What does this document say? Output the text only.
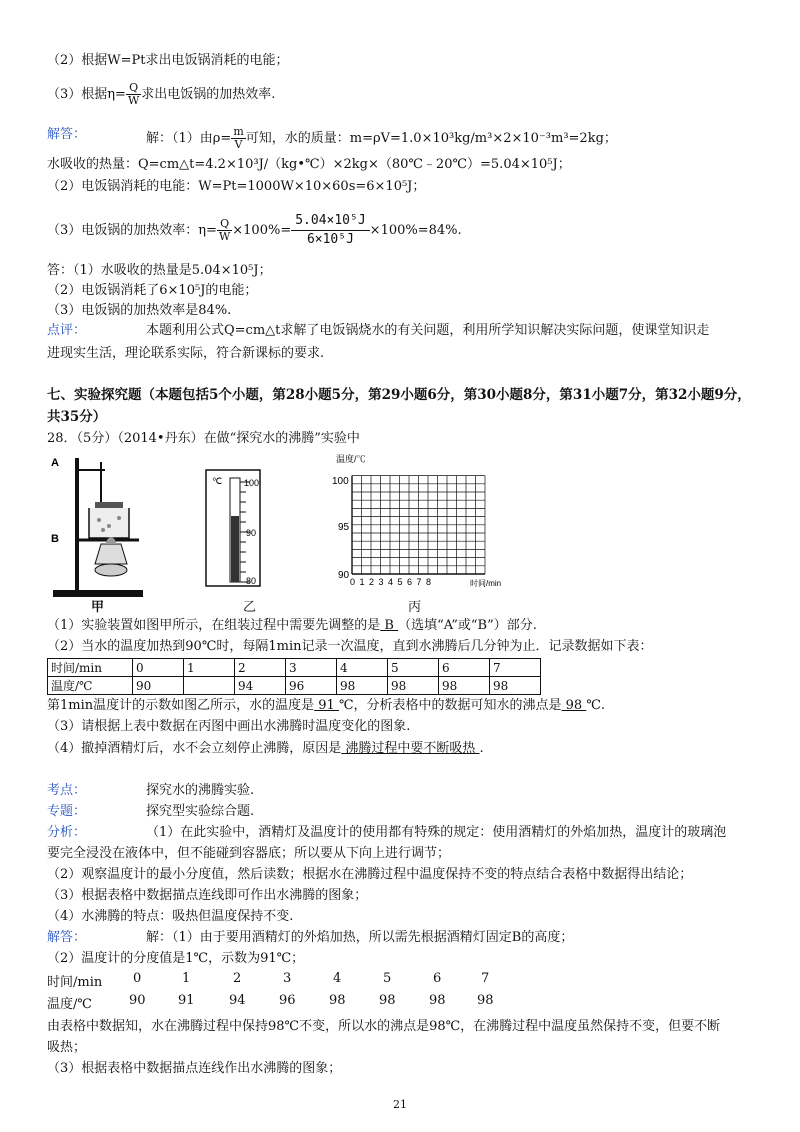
（2）根据W=Pt求出电饭锅消耗的电能；
（3）根据$\eta= \frac{Q}{W}$ 求出电饭锅的加热效率.
解答：	解：（1）由$\rho= \frac{m}{V}$ 可知，水的质量：m=ρV=1.0×10³kg/m³×2×10⁻³m³=2kg；
水吸收的热量：Q=cm△t=4.2×10³J/（kg•℃）×2kg×（80℃﹣20℃）=5.04×10⁵J；
（2）电饭锅消耗的电能：W=Pt=1000W×10×60s=6×10⁵J；
（3）电饭锅的加热效率：$\eta= \frac{Q}{W} \times 100\%= \frac{\text{5.04×10⁵J}}{\text{6×10⁵J}} \times 100\%=84\%$.
答：（1）水吸收的热量是5.04×10⁵J；
（2）电饭锅消耗了6×10⁵J的电能；
（3）电饭锅的加热效率是84%.
点评：	本题利用公式Q=cm△t求解了电饭锅烧水的有关问题，利用所学知识解决实际问题，使课堂知识走
进现实生活，理论联系实际，符合新课标的要求.
七、实验探究题（本题包括5个小题，第28小题5分，第29小题6分，第30小题8分，第31小题7分，第32小题9分，
共35分）
28．（5分）（2014•丹东）在做“探究水的沸腾”实验中
A
B
甲
℃ 100
90
80
乙
温度/℃
100
95
90
0 1 2 3 4 5 6 7 8	时间/min
丙
（1）实验装置如图甲所示，在组装过程中需要先调整的是 B （选填“A”或“B”）部分.
（2）当水的温度加热到90℃时，每隔1min记录一次温度，直到水沸腾后几分钟为止．记录数据如下表：
时间/min	0	1	2	3	4	5	6	7
温度/℃	90		94	96	98	98	98	98
第1min温度计的示数如图乙所示，水的温度是 91 ℃，分析表格中的数据可知水的沸点是 98 ℃.
（3）请根据上表中数据在丙图中画出水沸腾时温度变化的图象.
（4）撤掉酒精灯后，水不会立刻停止沸腾，原因是 沸腾过程中要不断吸热 .
考点：	探究水的沸腾实验.
专题：	探究型实验综合题.
分析：	（1）在此实验中，酒精灯及温度计的使用都有特殊的规定：使用酒精灯的外焰加热，温度计的玻璃泡
要完全浸没在液体中，但不能碰到容器底；所以要从下向上进行调节；
（2）观察温度计的最小分度值，然后读数；根据水在沸腾过程中温度保持不变的特点结合表格中数据得出结论；
（3）根据表格中数据描点连线即可作出水沸腾的图象；
（4）水沸腾的特点：吸热但温度保持不变.
解答：	解：（1）由于要用酒精灯的外焰加热，所以需先根据酒精灯固定B的高度；
（2）温度计的分度值是1℃，示数为91℃；
时间/min 0	1	2	3	4	5	6	7
温度/℃	90 91	94	96	98	98	98 98
由表格中数据知，水在沸腾过程中保持98℃不变，所以水的沸点是98℃，在沸腾过程中温度虽然保持不变，但要不断
吸热；
（3）根据表格中数据描点连线作出水沸腾的图象；
21
